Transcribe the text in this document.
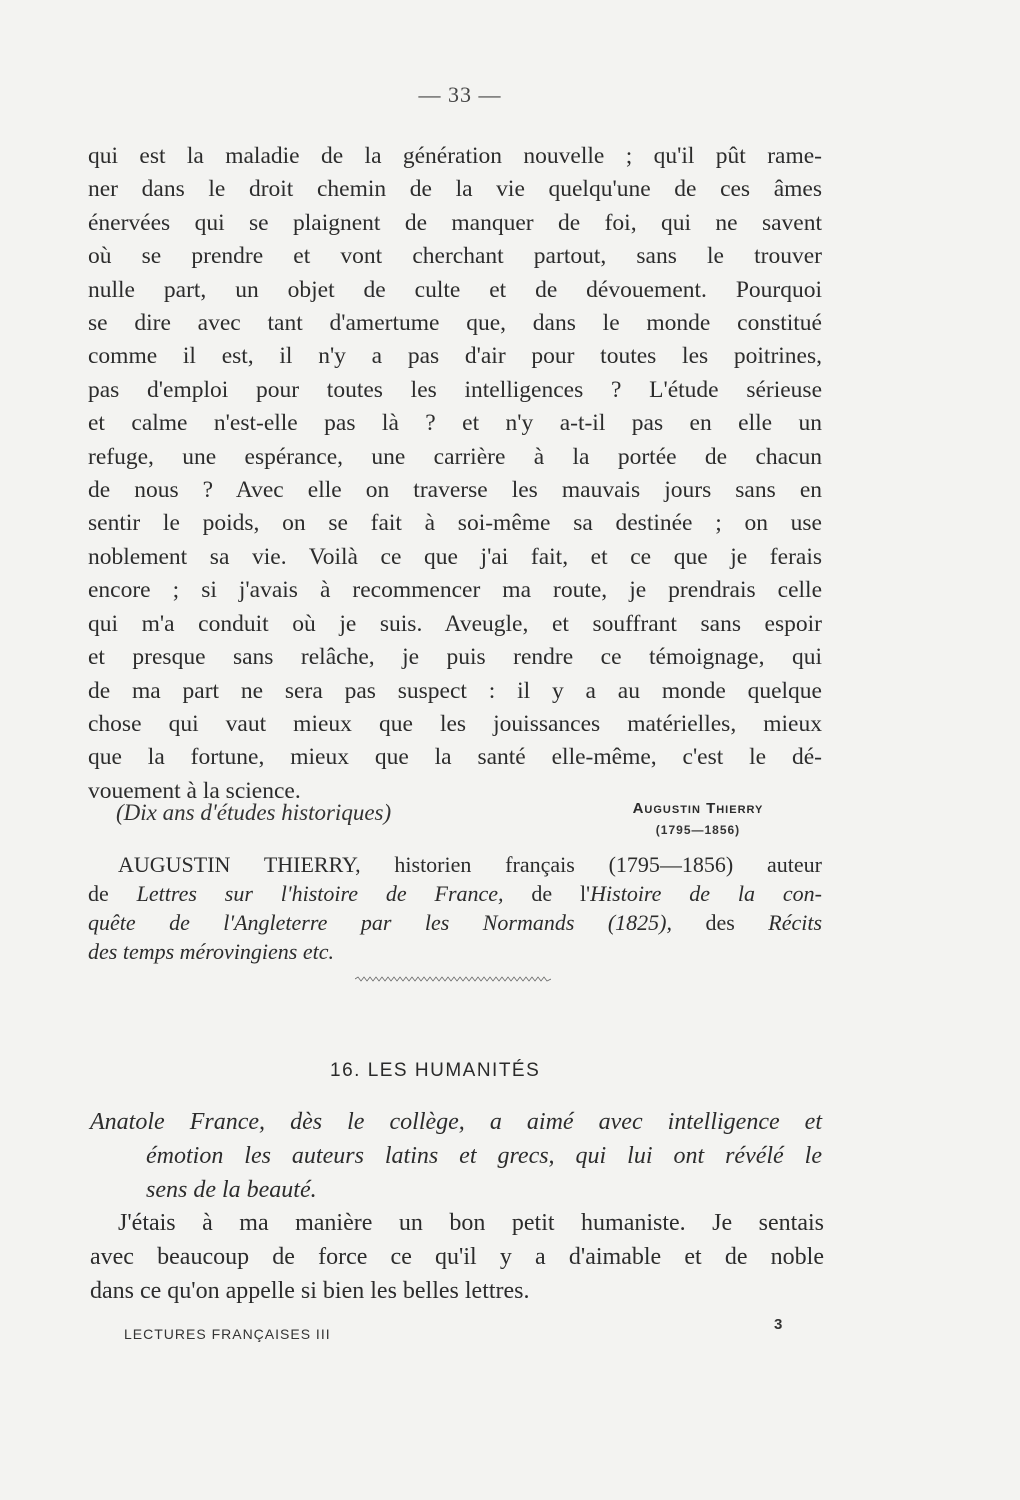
— 33 —
qui est la maladie de la génération nouvelle ; qu'il pût rame-
ner dans le droit chemin de la vie quelqu'une de ces âmes
énervées qui se plaignent de manquer de foi, qui ne savent
où se prendre et vont cherchant partout, sans le trouver
nulle part, un objet de culte et de dévouement. Pourquoi
se dire avec tant d'amertume que, dans le monde constitué
comme il est, il n'y a pas d'air pour toutes les poitrines,
pas d'emploi pour toutes les intelligences ? L'étude sérieuse
et calme n'est-elle pas là ? et n'y a-t-il pas en elle un
refuge, une espérance, une carrière à la portée de chacun
de nous ? Avec elle on traverse les mauvais jours sans en
sentir le poids, on se fait à soi-même sa destinée ; on use
noblement sa vie. Voilà ce que j'ai fait, et ce que je ferais
encore ; si j'avais à recommencer ma route, je prendrais celle
qui m'a conduit où je suis. Aveugle, et souffrant sans espoir
et presque sans relâche, je puis rendre ce témoignage, qui
de ma part ne sera pas suspect : il y a au monde quelque
chose qui vaut mieux que les jouissances matérielles, mieux
que la fortune, mieux que la santé elle-même, c'est le dé-
vouement à la science.
(Dix ans d'études historiques)	Augustin Thierry
(1795—1856)
AUGUSTIN THIERRY, historien français (1795—1856) auteur
de Lettres sur l'histoire de France, de l'Histoire de la con-
quête de l'Angleterre par les Normands (1825), des Récits
des temps mérovingiens etc.
16. LES HUMANITÉS
Anatole France, dès le collège, a aimé avec intelligence et
émotion les auteurs latins et grecs, qui lui ont révélé le
sens de la beauté.
J'étais à ma manière un bon petit humaniste. Je sentais
avec beaucoup de force ce qu'il y a d'aimable et de noble
dans ce qu'on appelle si bien les belles lettres.
LECTURES FRANÇAISES III
3
